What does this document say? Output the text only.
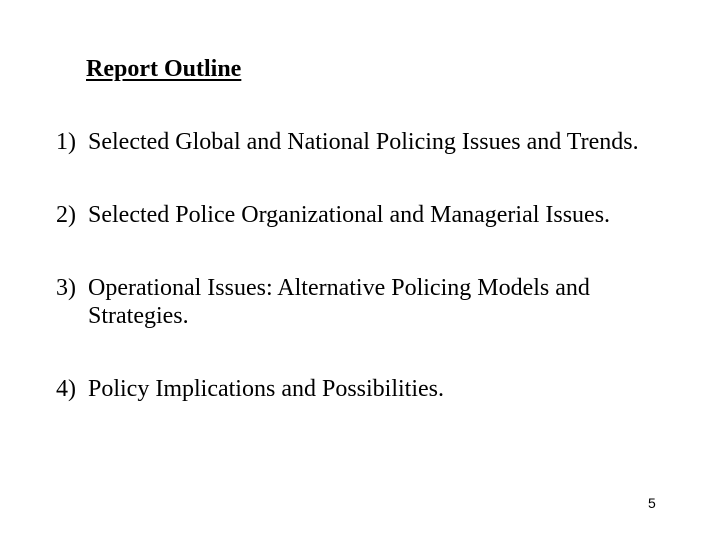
Report Outline
1) Selected Global and National Policing Issues and Trends.
2) Selected Police Organizational and Managerial Issues.
3) Operational Issues: Alternative Policing Models and Strategies.
4) Policy Implications and Possibilities.
5
